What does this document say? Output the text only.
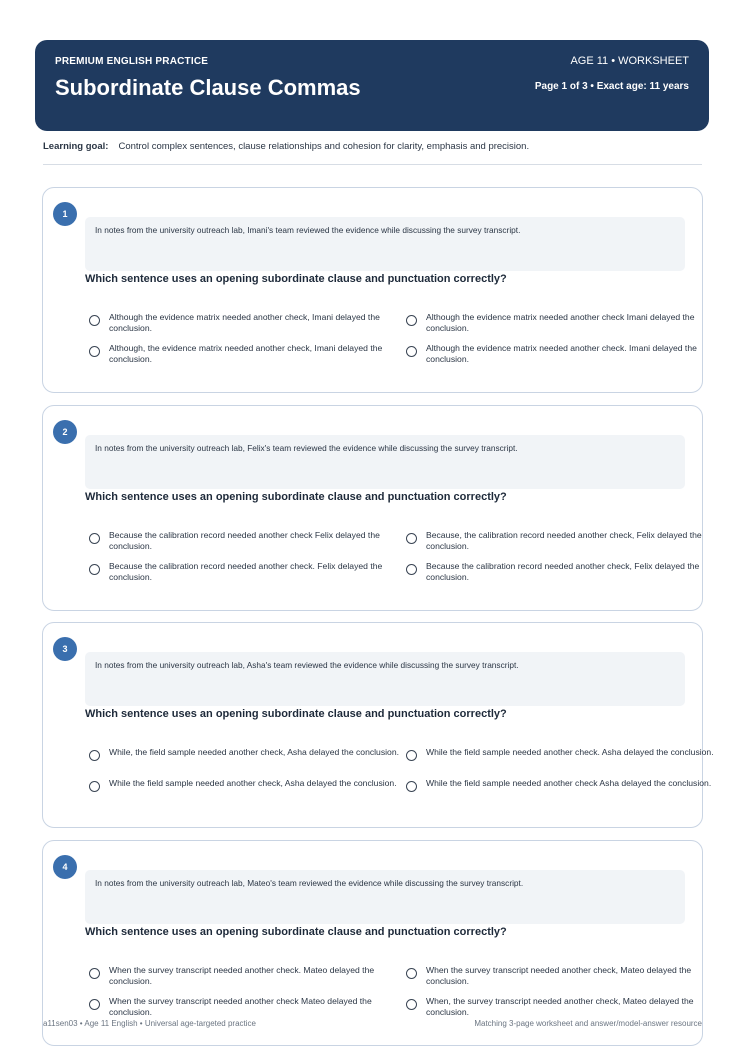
PREMIUM ENGLISH PRACTICE
Subordinate Clause Commas
AGE 11 • WORKSHEET
Page 1 of 3 • Exact age: 11 years
Learning goal: Control complex sentences, clause relationships and cohesion for clarity, emphasis and precision.
1
In notes from the university outreach lab, Imani's team reviewed the evidence while discussing the survey transcript.
Which sentence uses an opening subordinate clause and punctuation correctly?
Although the evidence matrix needed another check, Imani delayed the conclusion.
Although the evidence matrix needed another check Imani delayed the conclusion.
Although, the evidence matrix needed another check, Imani delayed the conclusion.
Although the evidence matrix needed another check. Imani delayed the conclusion.
2
In notes from the university outreach lab, Felix's team reviewed the evidence while discussing the survey transcript.
Which sentence uses an opening subordinate clause and punctuation correctly?
Because the calibration record needed another check Felix delayed the conclusion.
Because, the calibration record needed another check, Felix delayed the conclusion.
Because the calibration record needed another check. Felix delayed the conclusion.
Because the calibration record needed another check, Felix delayed the conclusion.
3
In notes from the university outreach lab, Asha's team reviewed the evidence while discussing the survey transcript.
Which sentence uses an opening subordinate clause and punctuation correctly?
While, the field sample needed another check, Asha delayed the conclusion.	While the field sample needed another check. Asha delayed the conclusion.
While the field sample needed another check, Asha delayed the conclusion.	While the field sample needed another check Asha delayed the conclusion.
4
In notes from the university outreach lab, Mateo's team reviewed the evidence while discussing the survey transcript.
Which sentence uses an opening subordinate clause and punctuation correctly?
When the survey transcript needed another check. Mateo delayed the conclusion.
When the survey transcript needed another check, Mateo delayed the conclusion.
When the survey transcript needed another check Mateo delayed the conclusion.
When, the survey transcript needed another check, Mateo delayed the conclusion.
a11sen03 • Age 11 English • Universal age-targeted practice	Matching 3-page worksheet and answer/model-answer resource
